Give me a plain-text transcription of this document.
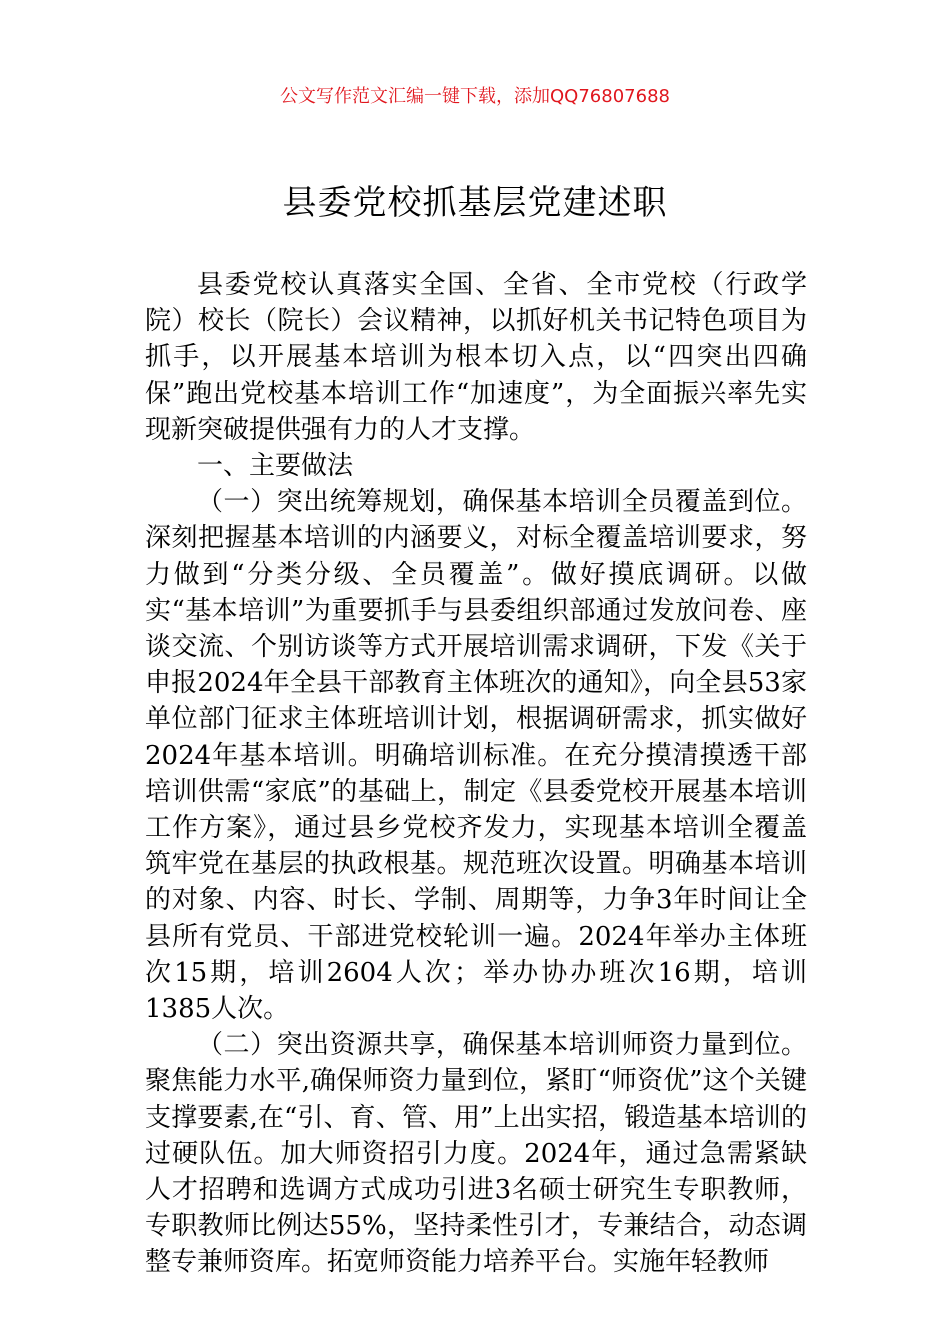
公文写作范文汇编一键下载，添加QQ76807688
县委党校抓基层党建述职

县委党校认真落实全国、全省、全市党校（行政学院）校长（院长）会议精神，以抓好机关书记特色项目为抓手，以开展基本培训为根本切入点，以“四突出四确保”跑出党校基本培训工作“加速度”，为全面振兴率先实现新突破提供强有力的人才支撑。

一、主要做法

（一）突出统筹规划，确保基本培训全员覆盖到位。深刻把握基本培训的内涵要义，对标全覆盖培训要求，努力做到“分类分级、全员覆盖”。做好摸底调研。以做实“基本培训”为重要抓手与县委组织部通过发放问卷、座谈交流、个别访谈等方式开展培训需求调研，下发《关于申报2024年全县干部教育主体班次的通知》，向全县53家单位部门征求主体班培训计划，根据调研需求，抓实做好2024年基本培训。明确培训标准。在充分摸清摸透干部培训供需“家底”的基础上，制定《县委党校开展基本培训工作方案》，通过县乡党校齐发力，实现基本培训全覆盖筑牢党在基层的执政根基。规范班次设置。明确基本培训的对象、内容、时长、学制、周期等，力争3年时间让全县所有党员、干部进党校轮训一遍。2024年举办主体班次15期，培训2604人次；举办协办班次16期，培训1385人次。

（二）突出资源共享，确保基本培训师资力量到位。聚焦能力水平,确保师资力量到位，紧盯“师资优”这个关键支撑要素,在“引、育、管、用”上出实招，锻造基本培训的过硬队伍。加大师资招引力度。2024年，通过急需紧缺人才招聘和选调方式成功引进3名硕士研究生专职教师，专职教师比例达55%，坚持柔性引才，专兼结合，动态调整专兼师资库。拓宽师资能力培养平台。实施年轻教师
